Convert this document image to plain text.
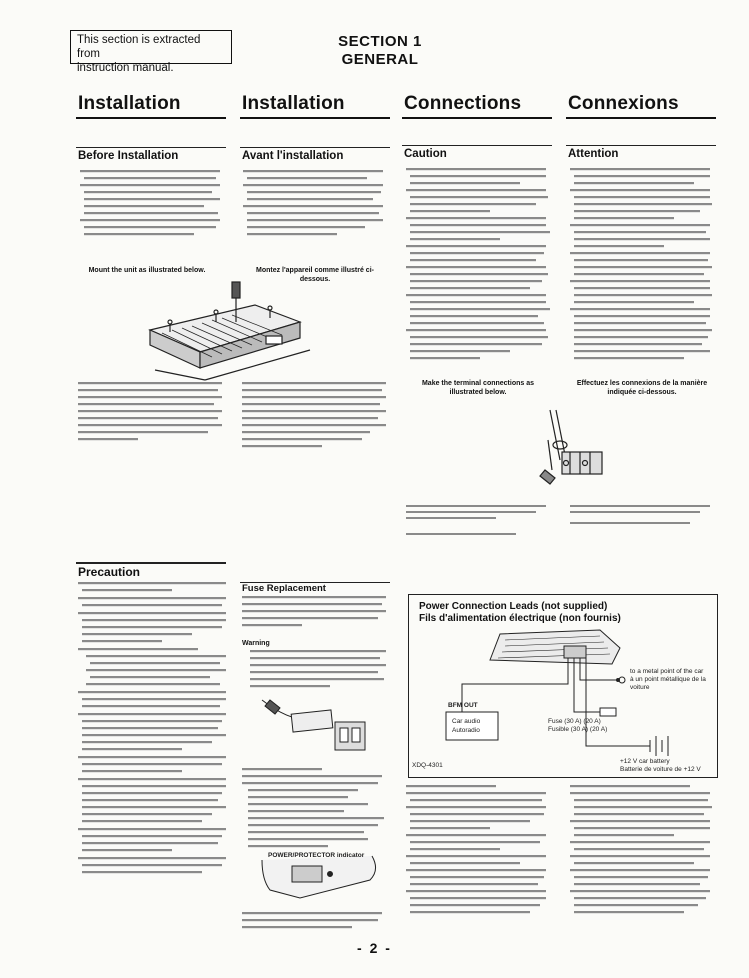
This section is extracted from
instruction manual.
SECTION 1
GENERAL
Installation	Installation	Connections Connexions
Before Installation	Avant l'installation	Caution	Attention
Mount the unit as illustrated below.	Montez l'appareil comme illustré ci-dessous.
Make the terminal connections as illustrated below.
Effectuez les connexions de la manière indiquée ci-dessous.
Precaution
Fuse Replacement
Warning
POWER/PROTECTOR indicator
Power Connection Leads (not supplied)
Fils d'alimentation électrique (non fournis)
BFM OUT
Car audio
Autoradio
to a metal point of the car
à un point métallique de la voiture
Fuse (30 A) (20 A)
Fusible (30 A) (20 A)
+12 V car battery
Batterie de voiture de +12 V
XDQ-4301
- 2 -
